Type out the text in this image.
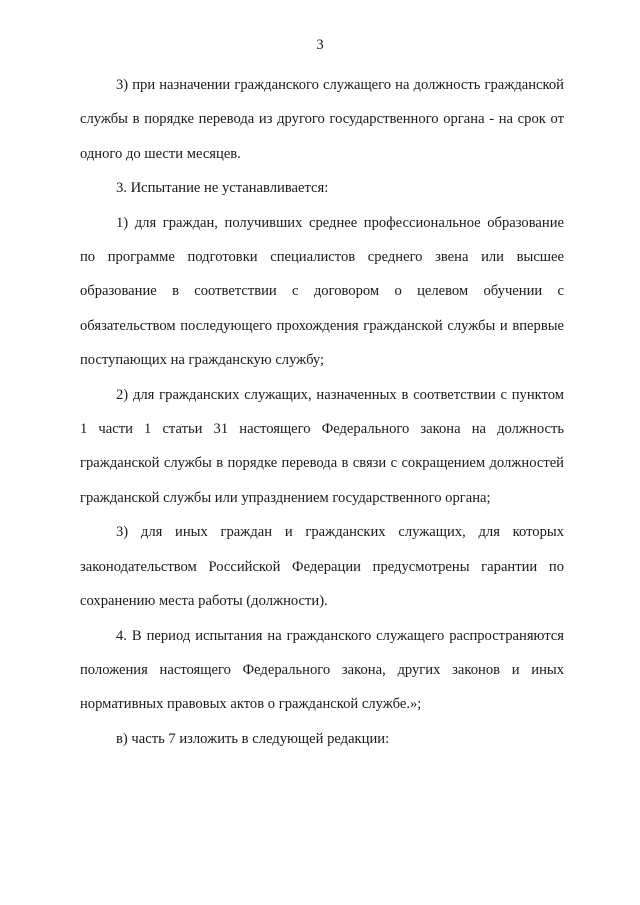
3

3) при назначении гражданского служащего на должность гражданской службы в порядке перевода из другого государственного органа - на срок от одного до шести месяцев.

3. Испытание не устанавливается:

1) для граждан, получивших среднее профессиональное образование по программе подготовки специалистов среднего звена или высшее образование в соответствии с договором о целевом обучении с обязательством последующего прохождения гражданской службы и впервые поступающих на гражданскую службу;

2) для гражданских служащих, назначенных в соответствии с пунктом 1 части 1 статьи 31 настоящего Федерального закона на должность гражданской службы в порядке перевода в связи с сокращением должностей гражданской службы или упразднением государственного органа;

3) для иных граждан и гражданских служащих, для которых законодательством Российской Федерации предусмотрены гарантии по сохранению места работы (должности).

4. В период испытания на гражданского служащего распространяются положения настоящего Федерального закона, других законов и иных нормативных правовых актов о гражданской службе.»;

в) часть 7 изложить в следующей редакции:
